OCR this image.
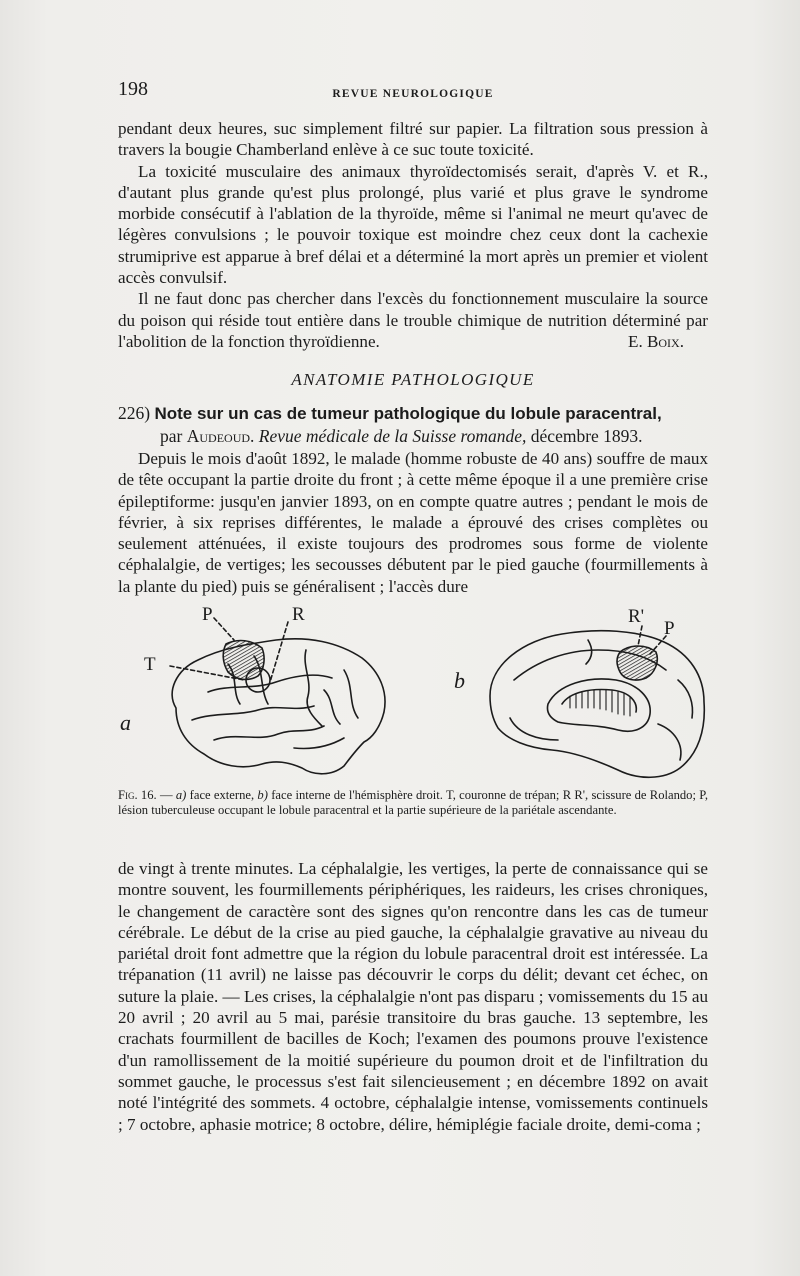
198	REVUE NEUROLOGIQUE

pendant deux heures, suc simplement filtré sur papier. La filtration sous pression à travers la bougie Chamberland enlève à ce suc toute toxicité.

La toxicité musculaire des animaux thyroïdectomisés serait, d'après V. et R., d'autant plus grande qu'est plus prolongé, plus varié et plus grave le syndrome morbide consécutif à l'ablation de la thyroïde, même si l'animal ne meurt qu'avec de légères convulsions ; le pouvoir toxique est moindre chez ceux dont la cachexie strumiprive est apparue à bref délai et a déterminé la mort après un premier et violent accès convulsif.

Il ne faut donc pas chercher dans l'excès du fonctionnement musculaire la source du poison qui réside tout entière dans le trouble chimique de nutrition déterminé par l'abolition de la fonction thyroïdienne.	E. Boix.

ANATOMIE PATHOLOGIQUE
226) Note sur un cas de tumeur pathologique du lobule paracentral,
par Audeoud. Revue médicale de la Suisse romande, décembre 1893.

Depuis le mois d'août 1892, le malade (homme robuste de 40 ans) souffre de maux de tête occupant la partie droite du front ; à cette même époque il a une première crise épileptiforme: jusqu'en janvier 1893, on en compte quatre autres ; pendant le mois de février, à six reprises différentes, le malade a éprouvé des crises complètes ou seulement atténuées, il existe toujours des prodromes sous forme de violente céphalalgie, de vertiges; les secousses débutent par le pied gauche (fourmillements à la plante du pied) puis se généralisent ; l'accès dure

P	R
T
a
b
R'
P
Fig. 16. — a) face externe, b) face interne de l'hémisphère droit. T, couronne de trépan; R R', scissure de Rolando; P, lésion tuberculeuse occupant le lobule paracentral et la partie supérieure de la pariétale ascendante.

de vingt à trente minutes. La céphalalgie, les vertiges, la perte de connaissance qui se montre souvent, les fourmillements périphériques, les raideurs, les crises chroniques, le changement de caractère sont des signes qu'on rencontre dans les cas de tumeur cérébrale. Le début de la crise au pied gauche, la céphalalgie gravative au niveau du pariétal droit font admettre que la région du lobule paracentral droit est intéressée. La trépanation (11 avril) ne laisse pas découvrir le corps du délit; devant cet échec, on suture la plaie. — Les crises, la céphalalgie n'ont pas disparu ; vomissements du 15 au 20 avril ; 20 avril au 5 mai, parésie transitoire du bras gauche. 13 septembre, les crachats fourmillent de bacilles de Koch; l'examen des poumons prouve l'existence d'un ramollissement de la moitié supérieure du poumon droit et de l'infiltration du sommet gauche, le processus s'est fait silencieusement ; en décembre 1892 on avait noté l'intégrité des sommets. 4 octobre, céphalalgie intense, vomissements continuels ; 7 octobre, aphasie motrice; 8 octobre, délire, hémiplégie faciale droite, demi-coma ;
